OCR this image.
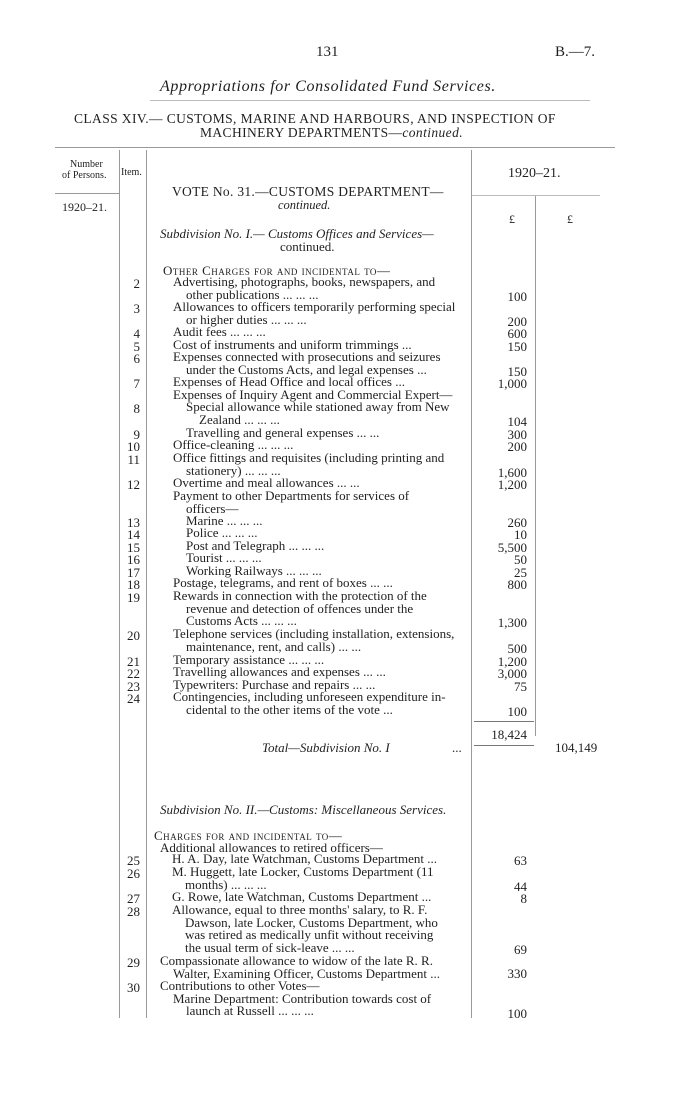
131	B.—7.
Appropriations for Consolidated Fund Services.
CLASS XIV.— CUSTOMS, MARINE AND HARBOURS, AND INSPECTION OF
MACHINERY DEPARTMENTS—continued.
Number
of Persons. Item.	1920–21.
1920–21.
£	£
VOTE No. 31.—CUSTOMS DEPARTMENT—
continued.
Subdivision No. I.— Customs Offices and Services—
continued.
Other Charges for and incidental to—
2	Advertising, photographs, books, newspapers, and
other publications ... ... ...	100
3	Allowances to officers temporarily performing special
or higher duties ... ... ...	200
4	Audit fees ... ... ...	600
5	Cost of instruments and uniform trimmings ...	150
6	Expenses connected with prosecutions and seizures
under the Customs Acts, and legal expenses ...	150
7	Expenses of Head Office and local offices ...	1,000
Expenses of Inquiry Agent and Commercial Expert—
8	Special allowance while stationed away from New
Zealand ... ... ...	104
9	Travelling and general expenses ... ...	300
10	Office-cleaning ... ... ...	200
11	Office fittings and requisites (including printing and
stationery) ... ... ...	1,600
12	Overtime and meal allowances ... ...	1,200
Payment to other Departments for services of
officers—
13	Marine ... ... ...	260
14	Police ... ... ...	10
15	Post and Telegraph ... ... ...	5,500
16	Tourist ... ... ...	50
17	Working Railways ... ... ...	25
18	Postage, telegrams, and rent of boxes ... ...	800
19	Rewards in connection with the protection of the
revenue and detection of offences under the
Customs Acts ... ... ...	1,300
20	Telephone services (including installation, extensions,
maintenance, rent, and calls) ... ...	500
21	Temporary assistance ... ... ...	1,200
22	Travelling allowances and expenses ... ...	3,000
23	Typewriters: Purchase and repairs ... ...	75
24	Contingencies, including unforeseen expenditure in-
cidental to the other items of the vote ...	100
18,424
Total—Subdivision No. I	...	104,149
Subdivision No. II.—Customs: Miscellaneous Services.
Charges for and incidental to—
Additional allowances to retired officers—
25 H. A. Day, late Watchman, Customs Department ...	63
26 M. Huggett, late Locker, Customs Department (11
months) ... ... ...	44
27 G. Rowe, late Watchman, Customs Department ...	8
28 Allowance, equal to three months' salary, to R. F.
Dawson, late Locker, Customs Department, who
was retired as medically unfit without receiving
the usual term of sick-leave ... ...	69
29 Compassionate allowance to widow of the late R. R.
Walter, Examining Officer, Customs Department ...	330
30 Contributions to other Votes—
Marine Department: Contribution towards cost of
launch at Russell ... ... ...	100
